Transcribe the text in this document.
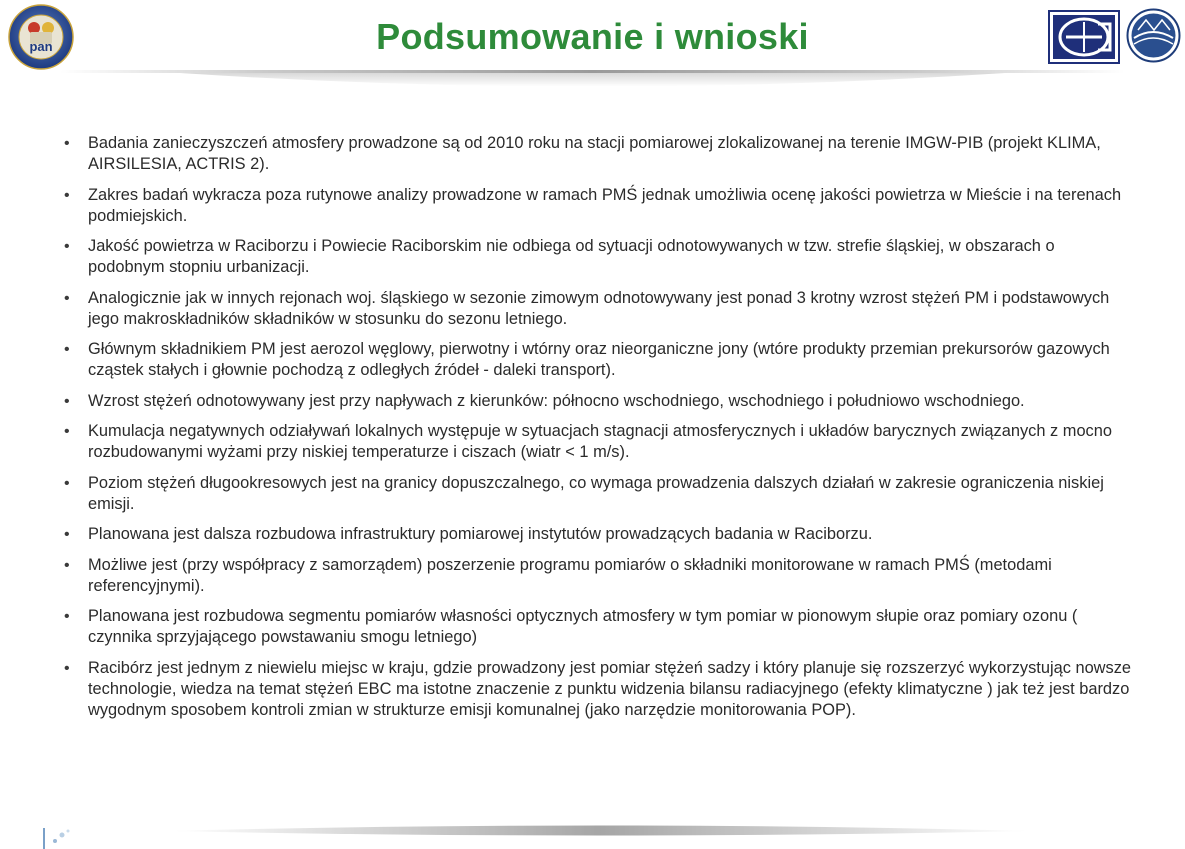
pan	Podsumowanie i wnioski
• Badania zanieczyszczeń atmosfery prowadzone są od 2010 roku na stacji pomiarowej zlokalizowanej na terenie IMGW-PIB (projekt KLIMA, AIRSILESIA, ACTRIS 2).
• Zakres badań wykracza poza rutynowe analizy prowadzone w ramach PMŚ jednak umożliwia ocenę jakości powietrza w Mieście i na terenach podmiejskich.
• Jakość powietrza w Raciborzu i Powiecie Raciborskim nie odbiega od sytuacji odnotowywanych w tzw. strefie śląskiej, w obszarach o podobnym stopniu urbanizacji.
• Analogicznie jak w innych rejonach woj. śląskiego w sezonie zimowym odnotowywany jest ponad 3 krotny wzrost stężeń PM i podstawowych jego makroskładników składników w stosunku do sezonu letniego.
• Głównym składnikiem PM jest aerozol węglowy, pierwotny i wtórny oraz nieorganiczne jony (wtóre produkty przemian prekursorów gazowych cząstek stałych i głownie pochodzą z odległych źródeł - daleki transport).
• Wzrost stężeń odnotowywany jest przy napływach z kierunków: północno wschodniego, wschodniego i południowo wschodniego.
• Kumulacja negatywnych odziaływań lokalnych występuje w sytuacjach stagnacji atmosferycznych i układów barycznych związanych z mocno rozbudowanymi wyżami przy niskiej temperaturze i ciszach (wiatr < 1 m/s).
• Poziom stężeń długookresowych jest na granicy dopuszczalnego, co wymaga prowadzenia dalszych działań w zakresie ograniczenia niskiej emisji.
• Planowana jest dalsza rozbudowa infrastruktury pomiarowej instytutów prowadzących badania w Raciborzu.
• Możliwe jest (przy współpracy z samorządem) poszerzenie programu pomiarów o składniki monitorowane w ramach PMŚ (metodami referencyjnymi).
• Planowana jest rozbudowa segmentu pomiarów własności optycznych atmosfery w tym pomiar w pionowym słupie oraz pomiary ozonu ( czynnika sprzyjającego powstawaniu smogu letniego)
• Racibórz jest jednym z niewielu miejsc w kraju, gdzie prowadzony jest pomiar stężeń sadzy i który planuje się rozszerzyć wykorzystując nowsze technologie, wiedza na temat stężeń EBC ma istotne znaczenie z punktu widzenia bilansu radiacyjnego (efekty klimatyczne ) jak też jest bardzo wygodnym sposobem kontroli zmian w strukturze emisji komunalnej (jako narzędzie monitorowania POP).
